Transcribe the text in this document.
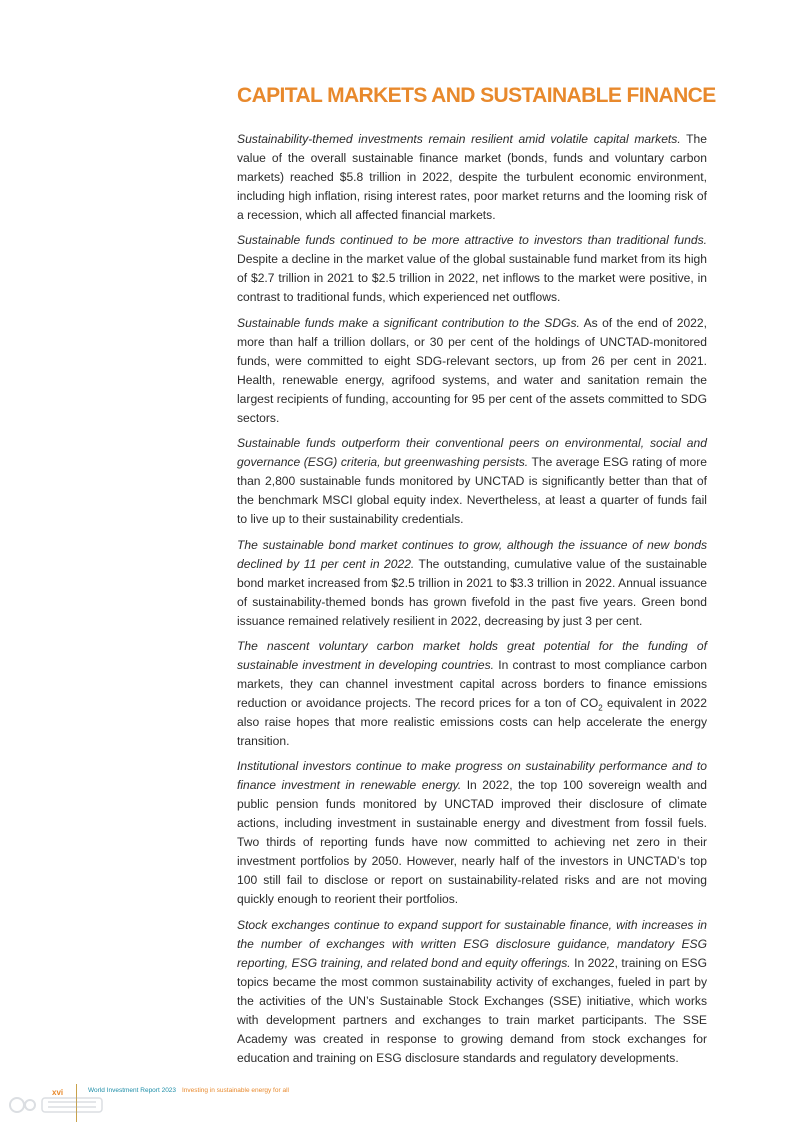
CAPITAL MARKETS AND SUSTAINABLE FINANCE

Sustainability-themed investments remain resilient amid volatile capital markets. The value of the overall sustainable finance market (bonds, funds and voluntary carbon markets) reached $5.8 trillion in 2022, despite the turbulent economic environment, including high inflation, rising interest rates, poor market returns and the looming risk of a recession, which all affected financial markets.

Sustainable funds continued to be more attractive to investors than traditional funds. Despite a decline in the market value of the global sustainable fund market from its high of $2.7 trillion in 2021 to $2.5 trillion in 2022, net inflows to the market were positive, in contrast to traditional funds, which experienced net outflows.

Sustainable funds make a significant contribution to the SDGs. As of the end of 2022, more than half a trillion dollars, or 30 per cent of the holdings of UNCTAD-monitored funds, were committed to eight SDG-relevant sectors, up from 26 per cent in 2021. Health, renewable energy, agrifood systems, and water and sanitation remain the largest recipients of funding, accounting for 95 per cent of the assets committed to SDG sectors.

Sustainable funds outperform their conventional peers on environmental, social and governance (ESG) criteria, but greenwashing persists. The average ESG rating of more than 2,800 sustainable funds monitored by UNCTAD is significantly better than that of the benchmark MSCI global equity index. Nevertheless, at least a quarter of funds fail to live up to their sustainability credentials.

The sustainable bond market continues to grow, although the issuance of new bonds declined by 11 per cent in 2022. The outstanding, cumulative value of the sustainable bond market increased from $2.5 trillion in 2021 to $3.3 trillion in 2022. Annual issuance of sustainability-themed bonds has grown fivefold in the past five years. Green bond issuance remained relatively resilient in 2022, decreasing by just 3 per cent.

The nascent voluntary carbon market holds great potential for the funding of sustainable investment in developing countries. In contrast to most compliance carbon markets, they can channel investment capital across borders to finance emissions reduction or avoidance projects. The record prices for a ton of $CO_2$ equivalent in 2022 also raise hopes that more realistic emissions costs can help accelerate the energy transition.

Institutional investors continue to make progress on sustainability performance and to finance investment in renewable energy. In 2022, the top 100 sovereign wealth and public pension funds monitored by UNCTAD improved their disclosure of climate actions, including investment in sustainable energy and divestment from fossil fuels. Two thirds of reporting funds have now committed to achieving net zero in their investment portfolios by 2050. However, nearly half of the investors in UNCTAD’s top 100 still fail to disclose or report on sustainability-related risks and are not moving quickly enough to reorient their portfolios.

Stock exchanges continue to expand support for sustainable finance, with increases in the number of exchanges with written ESG disclosure guidance, mandatory ESG reporting, ESG training, and related bond and equity offerings. In 2022, training on ESG topics became the most common sustainability activity of exchanges, fueled in part by the activities of the UN’s Sustainable Stock Exchanges (SSE) initiative, which works with development partners and exchanges to train market participants. The SSE Academy was created in response to growing demand from stock exchanges for education and training on ESG disclosure standards and regulatory developments.

xvi	World Investment Report 2023 Investing in sustainable energy for all
